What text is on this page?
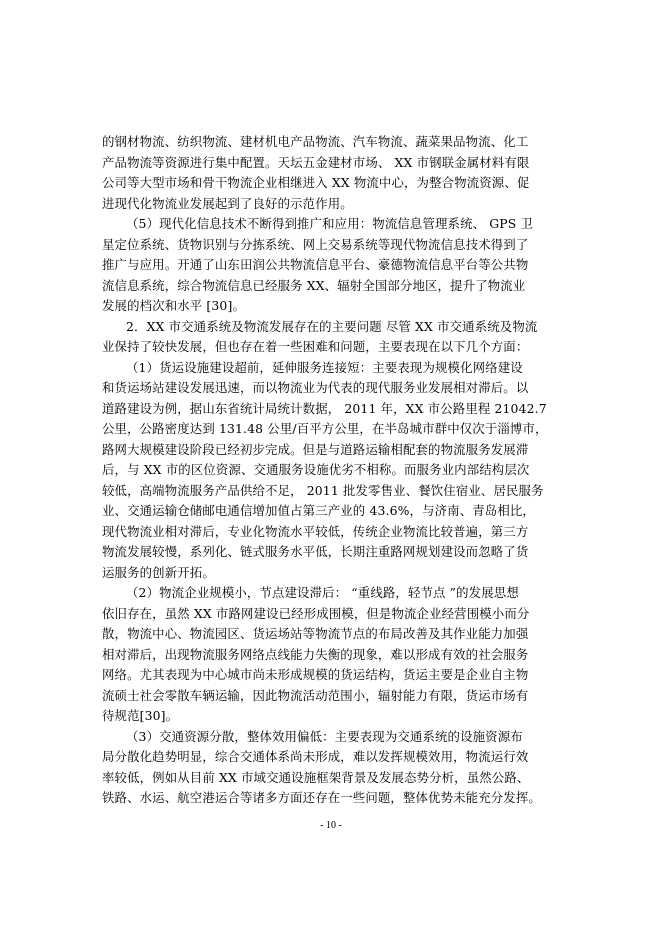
的钢材物流、纺织物流、建材机电产品物流、汽车物流、蔬菜果品物流、化工
产品物流等资源进行集中配置。天坛五金建材市场、 XX 市钢联金属材料有限
公司等大型市场和骨干物流企业相继进入 XX 物流中心，为整合物流资源、促
进现代化物流业发展起到了良好的示范作用。
（5）现代化信息技术不断得到推广和应用：物流信息管理系统、 GPS 卫
星定位系统、货物识别与分拣系统、网上交易系统等现代物流信息技术得到了
推广与应用。开通了山东田润公共物流信息平台、豪德物流信息平台等公共物
流信息系统，综合物流信息已经服务 XX、辐射全国部分地区，提升了物流业
发展的档次和水平 [30]。
2．XX 市交通系统及物流发展存在的主要问题 尽管 XX 市交通系统及物流
业保持了较快发展，但也存在着一些困难和问题，主要表现在以下几个方面：
（1）货运设施建设超前，延伸服务连接短：主要表现为规模化网络建设
和货运场站建设发展迅速，而以物流业为代表的现代服务业发展相对滞后。以
道路建设为例，据山东省统计局统计数据， 2011 年，XX 市公路里程 21042.7
公里，公路密度达到 131.48 公里/百平方公里，在半岛城市群中仅次于淄博市，
路网大规模建设阶段已经初步完成。但是与道路运输相配套的物流服务发展滞
后，与 XX 市的区位资源、交通服务设施优劣不相称。而服务业内部结构层次
较低，高端物流服务产品供给不足， 2011 批发零售业、餐饮住宿业、居民服务
业、交通运输仓储邮电通信增加值占第三产业的 43.6%，与济南、青岛相比，
现代物流业相对滞后，专业化物流水平较低，传统企业物流比较普遍，第三方
物流发展较慢，系列化、链式服务水平低，长期注重路网规划建设而忽略了货
运服务的创新开拓。
（2）物流企业规模小，节点建设滞后： “重线路，轻节点 ”的发展思想
依旧存在，虽然 XX 市路网建设已经形成围模，但是物流企业经营围模小而分
散，物流中心、物流园区、货运场站等物流节点的布局改善及其作业能力加强
相对滞后，出现物流服务网络点线能力失衡的现象，难以形成有效的社会服务
网络。尤其表现为中心城市尚未形成规模的货运结构，货运主要是企业自主物
流硕士社会零散车辆运输，因此物流活动范围小，辐射能力有限，货运市场有
待规范[30]。
（3）交通资源分散，整体效用偏低：主要表现为交通系统的设施资源布
局分散化趋势明显，综合交通体系尚未形成，难以发挥规模效用，物流运行效
率较低，例如从目前 XX 市域交通设施框架背景及发展态势分析，虽然公路、
铁路、水运、航空港运合等诸多方面还存在一些问题，整体优势未能充分发挥。
- 10 -
